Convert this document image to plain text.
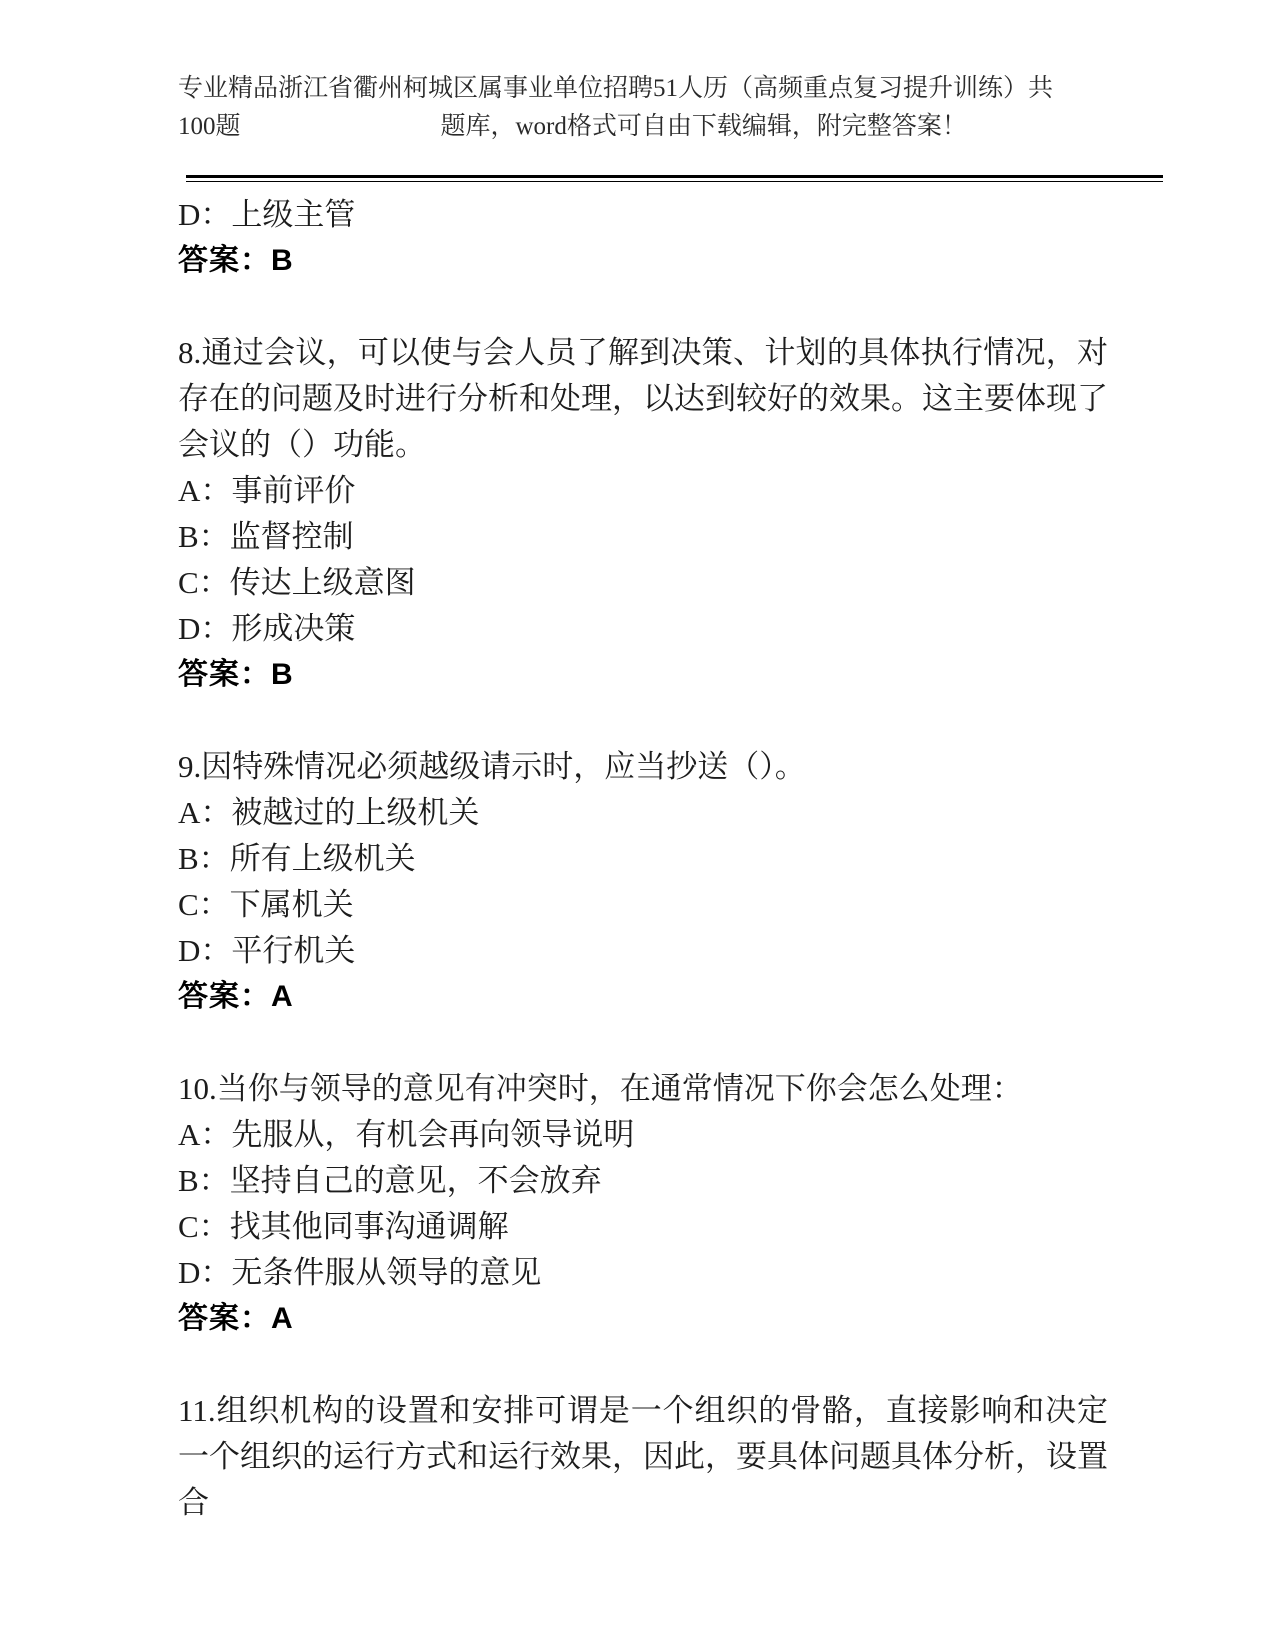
专业精品浙江省衢州柯城区属事业单位招聘51人历（高频重点复习提升训练）共
100题　　　　　　　　题库，word格式可自由下载编辑，附完整答案！
D：上级主管
答案：B
8.通过会议，可以使与会人员了解到决策、计划的具体执行情况，对存在的问题及时进行分析和处理，以达到较好的效果。这主要体现了会议的（）功能。
A：事前评价
B：监督控制
C：传达上级意图
D：形成决策
答案：B
9.因特殊情况必须越级请示时，应当抄送（）。
A：被越过的上级机关
B：所有上级机关
C：下属机关
D：平行机关
答案：A
10.当你与领导的意见有冲突时，在通常情况下你会怎么处理：
A：先服从，有机会再向领导说明
B：坚持自己的意见，不会放弃
C：找其他同事沟通调解
D：无条件服从领导的意见
答案：A
11.组织机构的设置和安排可谓是一个组织的骨骼，直接影响和决定一个组织的运行方式和运行效果，因此，要具体问题具体分析，设置合
